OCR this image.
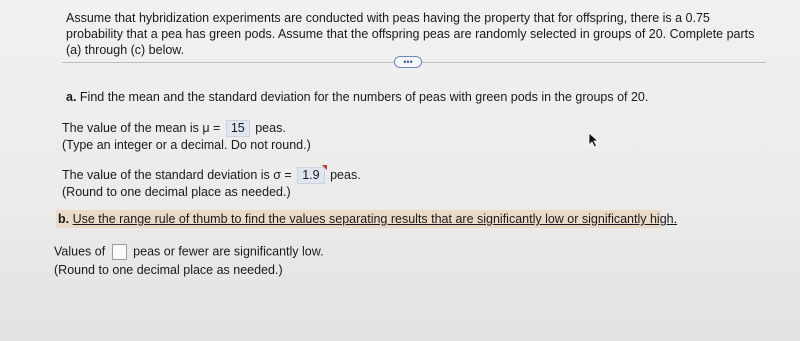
Assume that hybridization experiments are conducted with peas having the property that for offspring, there is a 0.75 probability that a pea has green pods. Assume that the offspring peas are randomly selected in groups of 20. Complete parts (a) through (c) below.
•••
a. Find the mean and the standard deviation for the numbers of peas with green pods in the groups of 20.
The value of the mean is μ = 15 peas.
(Type an integer or a decimal. Do not round.)
The value of the standard deviation is σ = 1.9 peas.
(Round to one decimal place as needed.)
b. Use the range rule of thumb to find the values separating results that are significantly low or significantly high.
Values of peas or fewer are significantly low.
(Round to one decimal place as needed.)
